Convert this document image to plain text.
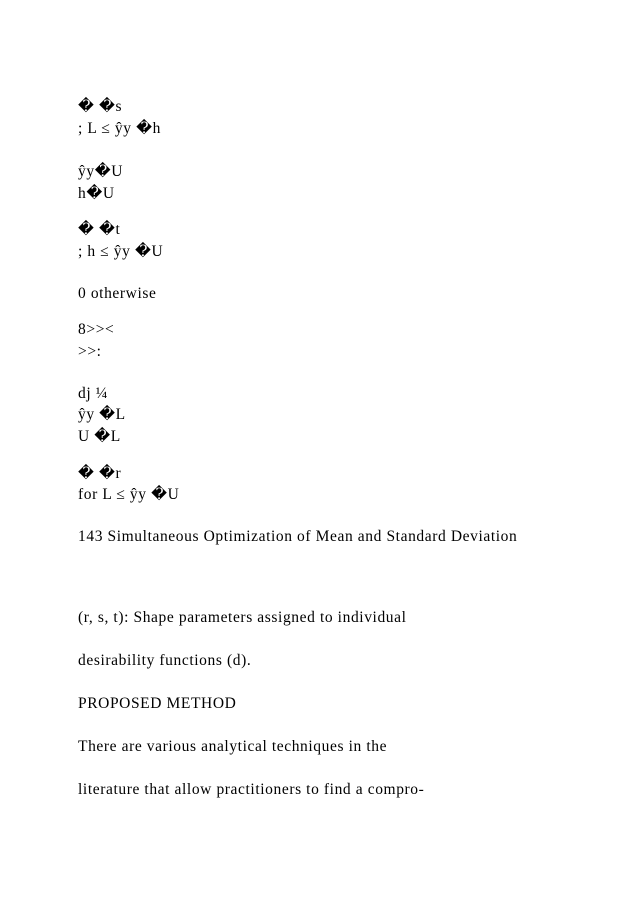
� �s
; L ≤ ŷy �h
ŷy�U
h�U
� �t
; h ≤ ŷy �U
0 otherwise
8>><
>>:
dj ¼
ŷy �L
U �L
� �r
for L ≤ ŷy �U
143 Simultaneous Optimization of Mean and Standard Deviation
(r, s, t): Shape parameters assigned to individual
desirability functions (d).
PROPOSED METHOD
There are various analytical techniques in the
literature that allow practitioners to find a compro-
